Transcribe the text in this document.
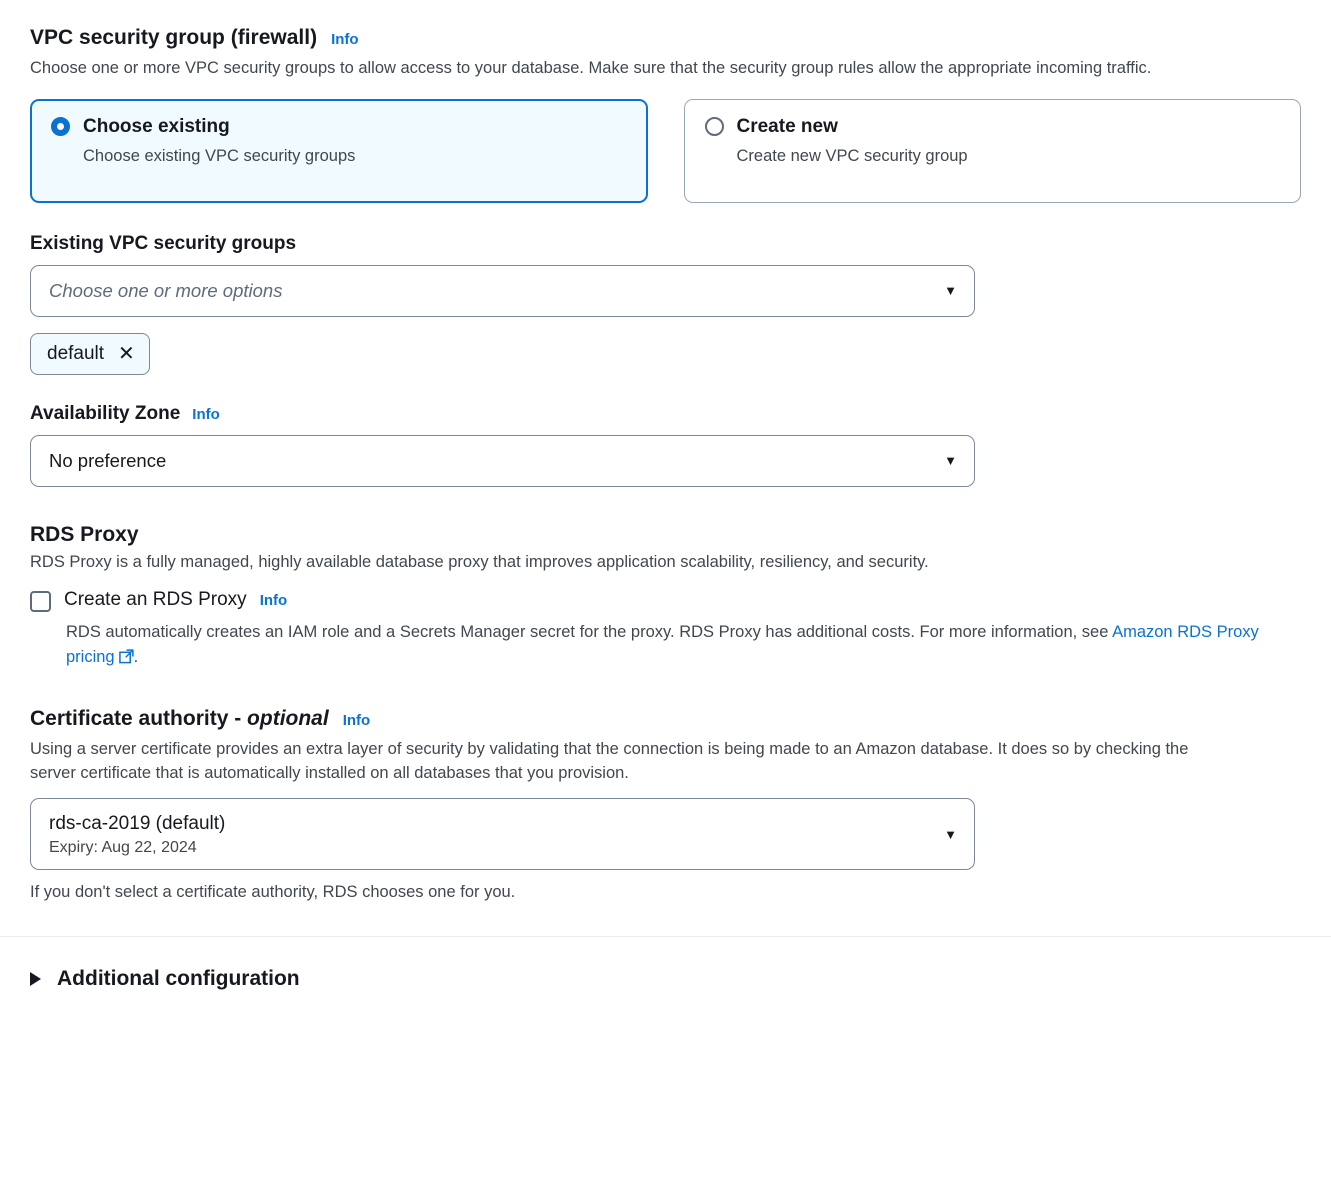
VPC security group (firewall) Info

Choose one or more VPC security groups to allow access to your database. Make sure that the security group rules allow the appropriate incoming traffic.

Choose existing
Choose existing VPC security groups
Create new
Create new VPC security group
Existing VPC security groups
Choose one or more options	▼
default ✕
Availability Zone Info
No preference	▼
RDS Proxy

RDS Proxy is a fully managed, highly available database proxy that improves application scalability, resiliency, and security.

Create an RDS Proxy Info
RDS automatically creates an IAM role and a Secrets Manager secret for the proxy. RDS Proxy has additional costs. For more information, see Amazon RDS Proxy pricing .
Certificate authority - optional Info

Using a server certificate provides an extra layer of security by validating that the connection is being made to an Amazon database. It does so by checking the server certificate that is automatically installed on all databases that you provision.

rds-ca-2019 (default)
Expiry: Aug 22, 2024
▼

If you don't select a certificate authority, RDS chooses one for you.

Additional configuration
